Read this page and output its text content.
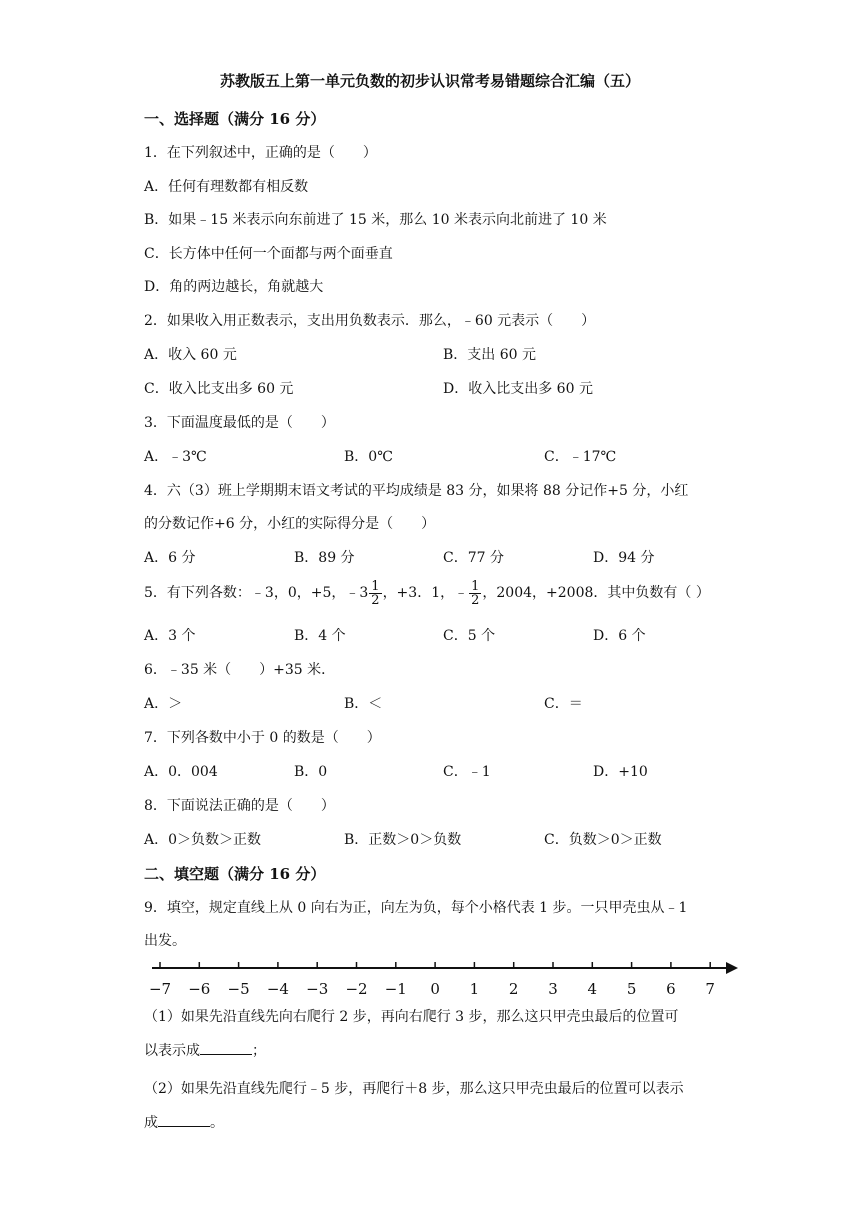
苏教版五上第一单元负数的初步认识常考易错题综合汇编（五）
一、选择题（满分 16 分）
1．在下列叙述中，正确的是（　　）
A．任何有理数都有相反数
B．如果﹣15 米表示向东前进了 15 米，那么 10 米表示向北前进了 10 米
C．长方体中任何一个面都与两个面垂直
D．角的两边越长，角就越大
2．如果收入用正数表示，支出用负数表示．那么，﹣60 元表示（　　）
A．收入 60 元	B．支出 60 元
C．收入比支出多 60 元	D．收入比支出多 60 元
3．下面温度最低的是（　　）
A．﹣3℃	B．0℃	C．﹣17℃
4．六（3）班上学期期末语文考试的平均成绩是 83 分，如果将 88 分记作+5 分，小红
的分数记作+6 分，小红的实际得分是（　　）
A．6 分	B．89 分	C．77 分	D．94 分
5．有下列各数：﹣3，0，+5，﹣3 $\frac{1}{2}$ ，+3．1，﹣ $\frac{1}{2}$ ，2004，+2008．其中负数有（ ）
A．3 个	B．4 个	C．5 个	D．6 个
6．﹣35 米（　　）+35 米．
A．＞	B．＜	C．＝
7．下列各数中小于 0 的数是（　　）
A．0．004	B．0	C．﹣1	D．+10
8．下面说法正确的是（　　）
A．0＞负数＞正数	B．正数＞0＞负数	C．负数＞0＞正数
二、填空题（满分 16 分）
9．填空，规定直线上从 0 向右为正，向左为负，每个小格代表 1 步。一只甲壳虫从﹣1
出发。
−7 −6 −5 −4 −3 −2 −1 0 1 2 3 4 5 6 7
（1）如果先沿直线先向右爬行 2 步，再向右爬行 3 步，那么这只甲壳虫最后的位置可
以表示成	；
（2）如果先沿直线先爬行﹣5 步，再爬行＋8 步，那么这只甲壳虫最后的位置可以表示
成	。
